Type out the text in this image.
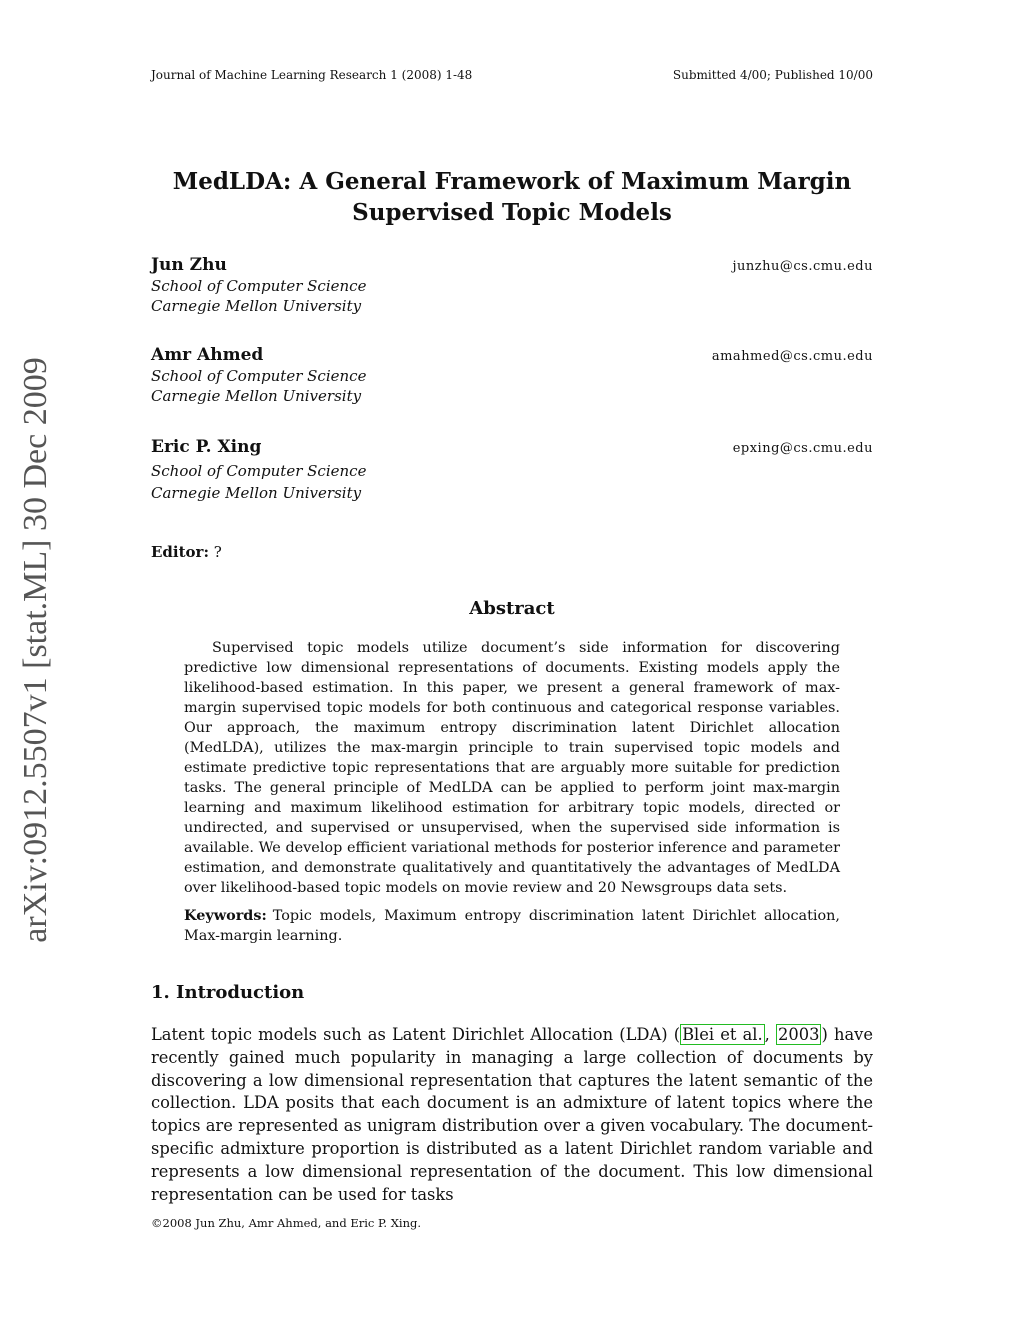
Journal of Machine Learning Research 1 (2008) 1-48	Submitted 4/00; Published 10/00
arXiv:0912.5507v1 [stat.ML] 30 Dec 2009
MedLDA: A General Framework of Maximum Margin
Supervised Topic Models
Jun Zhu	junzhu@cs.cmu.edu
School of Computer Science
Carnegie Mellon University
Amr Ahmed	amahmed@cs.cmu.edu
School of Computer Science
Carnegie Mellon University
Eric P. Xing	epxing@cs.cmu.edu
School of Computer Science
Carnegie Mellon University
Editor: ?
Abstract

Supervised topic models utilize document’s side information for discovering predictive low dimensional representations of documents. Existing models apply the likelihood-based estimation. In this paper, we present a general framework of max-margin supervised topic models for both continuous and categorical response variables. Our approach, the maximum entropy discrimination latent Dirichlet allocation (MedLDA), utilizes the max-margin principle to train supervised topic models and estimate predictive topic representations that are arguably more suitable for prediction tasks. The general principle of MedLDA can be applied to perform joint max-margin learning and maximum likelihood estimation for arbitrary topic models, directed or undirected, and supervised or unsupervised, when the supervised side information is available. We develop efficient variational methods for posterior inference and parameter estimation, and demonstrate qualitatively and quantitatively the advantages of MedLDA over likelihood-based topic models on movie review and 20 Newsgroups data sets.

Keywords: Topic models, Maximum entropy discrimination latent Dirichlet allocation, Max-margin learning.

1. Introduction

Latent topic models such as Latent Dirichlet Allocation (LDA) ( Blei et al. , 2003 ) have recently gained much popularity in managing a large collection of documents by discovering a low dimensional representation that captures the latent semantic of the collection. LDA posits that each document is an admixture of latent topics where the topics are represented as unigram distribution over a given vocabulary. The document-specific admixture proportion is distributed as a latent Dirichlet random variable and represents a low dimensional representation of the document. This low dimensional representation can be used for tasks

©2008 Jun Zhu, Amr Ahmed, and Eric P. Xing.
